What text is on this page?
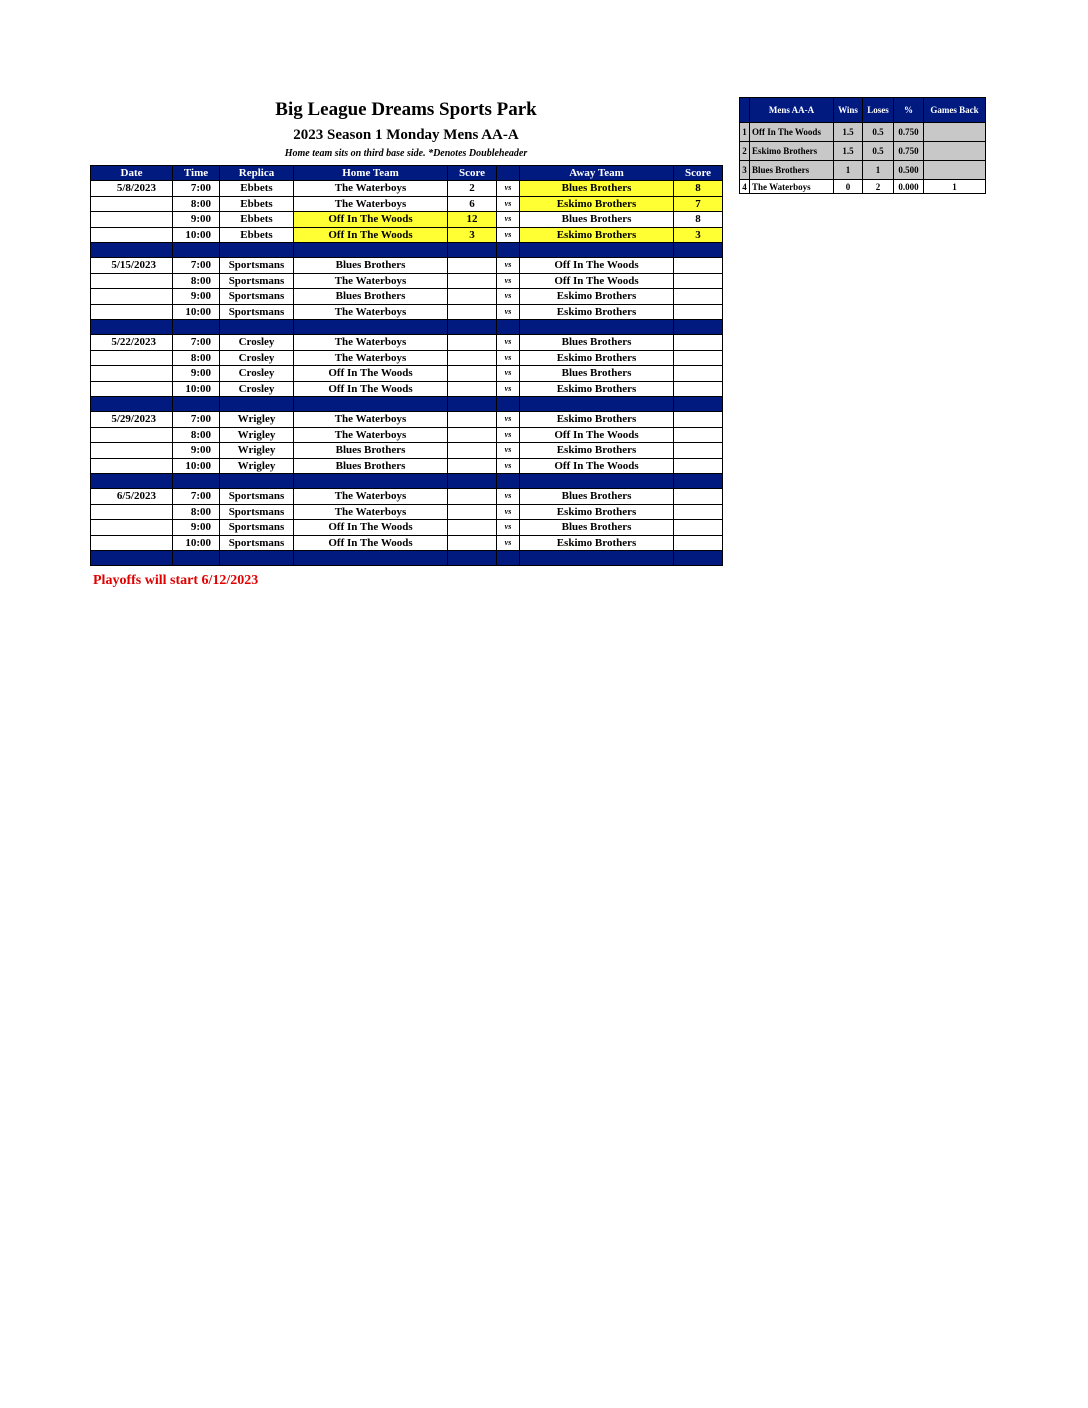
Big League Dreams Sports Park
2023 Season 1 Monday Mens AA-A
Home team sits on third base side. *Denotes Doubleheader
Date	Time	Replica	Home Team	Score		Away Team	Score
5/8/2023	7:00	Ebbets	The Waterboys	2	vs	Blues Brothers	8
	8:00	Ebbets	The Waterboys	6	vs	Eskimo Brothers	7
	9:00	Ebbets	Off In The Woods	12	vs	Blues Brothers	8
	10:00	Ebbets	Off In The Woods	3	vs	Eskimo Brothers	3

5/15/2023	7:00	Sportsmans	Blues Brothers		vs	Off In The Woods	
	8:00	Sportsmans	The Waterboys		vs	Off In The Woods	
	9:00	Sportsmans	Blues Brothers		vs	Eskimo Brothers	
	10:00	Sportsmans	The Waterboys		vs	Eskimo Brothers	

5/22/2023	7:00	Crosley	The Waterboys		vs	Blues Brothers	
	8:00	Crosley	The Waterboys		vs	Eskimo Brothers	
	9:00	Crosley	Off In The Woods		vs	Blues Brothers	
	10:00	Crosley	Off In The Woods		vs	Eskimo Brothers	

5/29/2023	7:00	Wrigley	The Waterboys		vs	Eskimo Brothers	
	8:00	Wrigley	The Waterboys		vs	Off In The Woods	
	9:00	Wrigley	Blues Brothers		vs	Eskimo Brothers	
	10:00	Wrigley	Blues Brothers		vs	Off In The Woods	

6/5/2023	7:00	Sportsmans	The Waterboys		vs	Blues Brothers	
	8:00	Sportsmans	The Waterboys		vs	Eskimo Brothers	
	9:00	Sportsmans	Off In The Woods		vs	Blues Brothers	
	10:00	Sportsmans	Off In The Woods		vs	Eskimo Brothers	

Playoffs will start 6/12/2023
	Mens AA-A	Wins	Loses	%	Games Back
1	Off In The Woods	1.5	0.5	0.750	
2	Eskimo Brothers	1.5	0.5	0.750	
3	Blues Brothers	1	1	0.500	
4	The Waterboys	0	2	0.000	1
